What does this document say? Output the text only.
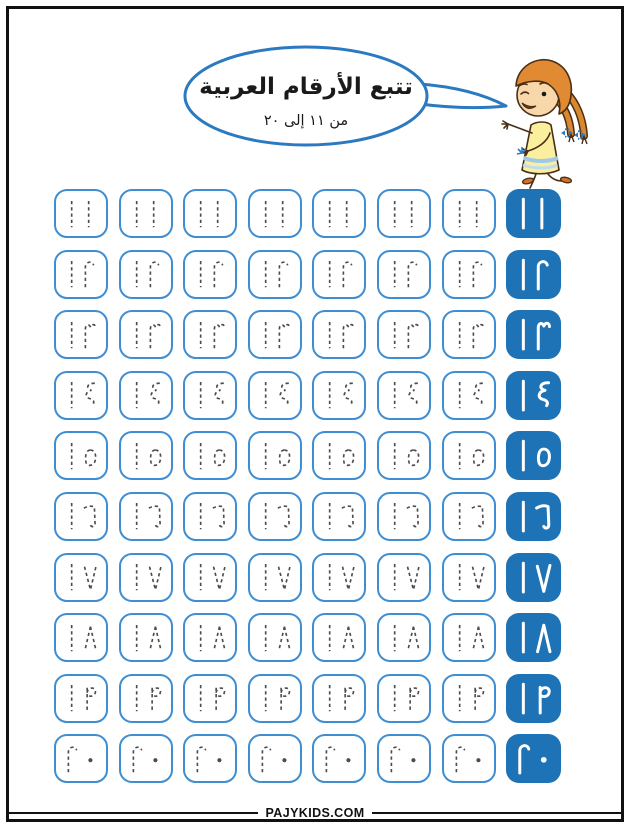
تتبع الأرقام العربية
من ١١ إلى ٢٠
PAJYKIDS.COM
